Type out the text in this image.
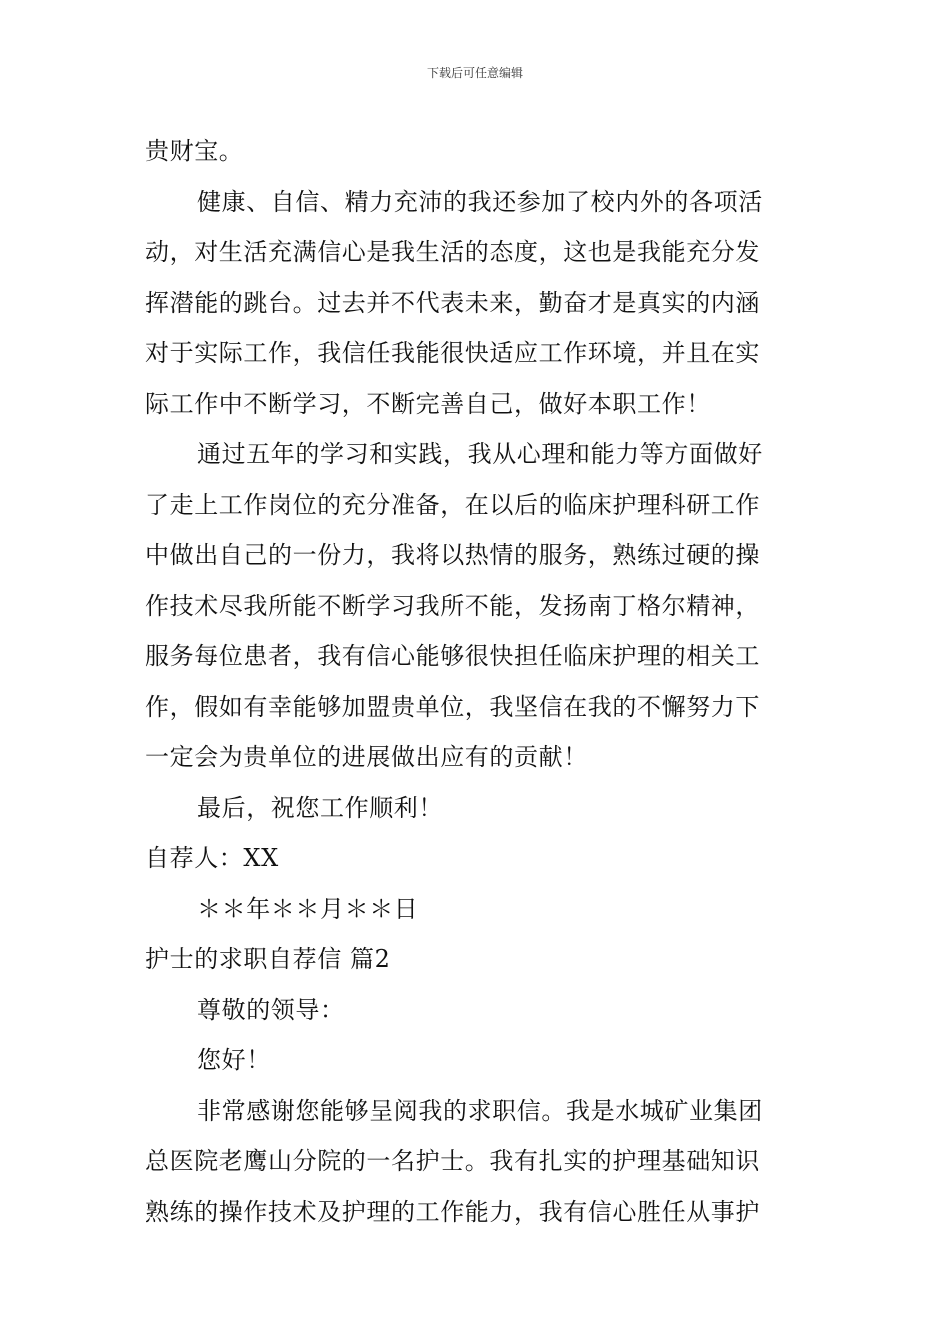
下载后可任意编辑
贵财宝。
健康、自信、精力充沛的我还参加了校内外的各项活
动，对生活充满信心是我生活的态度，这也是我能充分发
挥潜能的跳台。过去并不代表未来，勤奋才是真实的内涵
对于实际工作，我信任我能很快适应工作环境，并且在实
际工作中不断学习，不断完善自己，做好本职工作！
通过五年的学习和实践，我从心理和能力等方面做好
了走上工作岗位的充分准备，在以后的临床护理科研工作
中做出自己的一份力，我将以热情的服务，熟练过硬的操
作技术尽我所能不断学习我所不能，发扬南丁格尔精神，
服务每位患者，我有信心能够很快担任临床护理的相关工
作，假如有幸能够加盟贵单位，我坚信在我的不懈努力下
一定会为贵单位的进展做出应有的贡献！
最后，祝您工作顺利！
自荐人：XX
＊＊年＊＊月＊＊日
护士的求职自荐信 篇2
尊敬的领导：
您好！
非常感谢您能够呈阅我的求职信。我是水城矿业集团
总医院老鹰山分院的一名护士。我有扎实的护理基础知识
熟练的操作技术及护理的工作能力，我有信心胜任从事护
